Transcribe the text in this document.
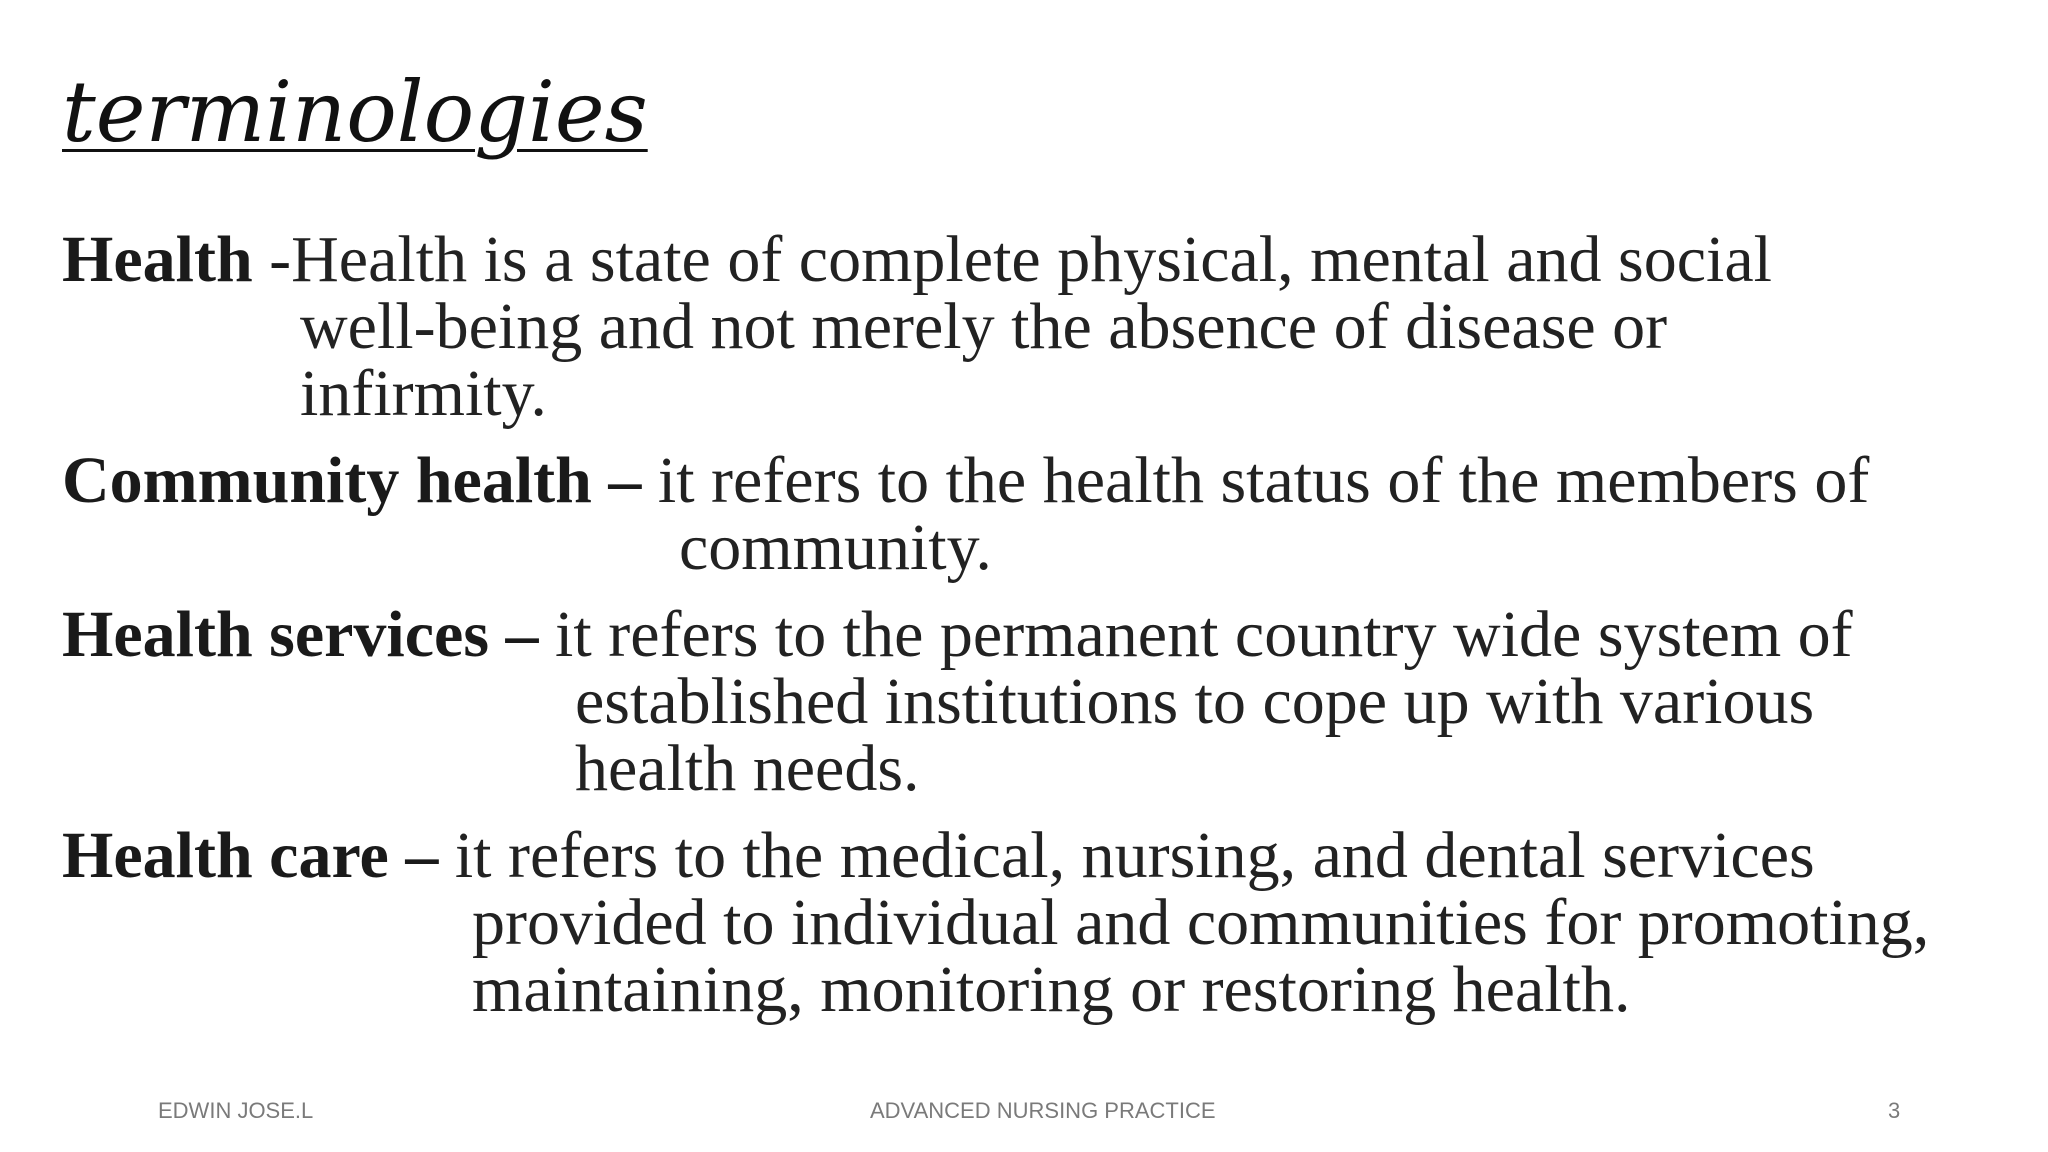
terminologies
Health -Health is a state of complete physical, mental and social
well-being and not merely the absence of disease or
infirmity.
Community health – it refers to the health status of the members of
community.
Health services – it refers to the permanent country wide system of
established institutions to cope up with various
health needs.
Health care – it refers to the medical, nursing, and dental services
provided to individual and communities for promoting,
maintaining, monitoring or restoring health.
EDWIN JOSE.L	ADVANCED NURSING PRACTICE	3
